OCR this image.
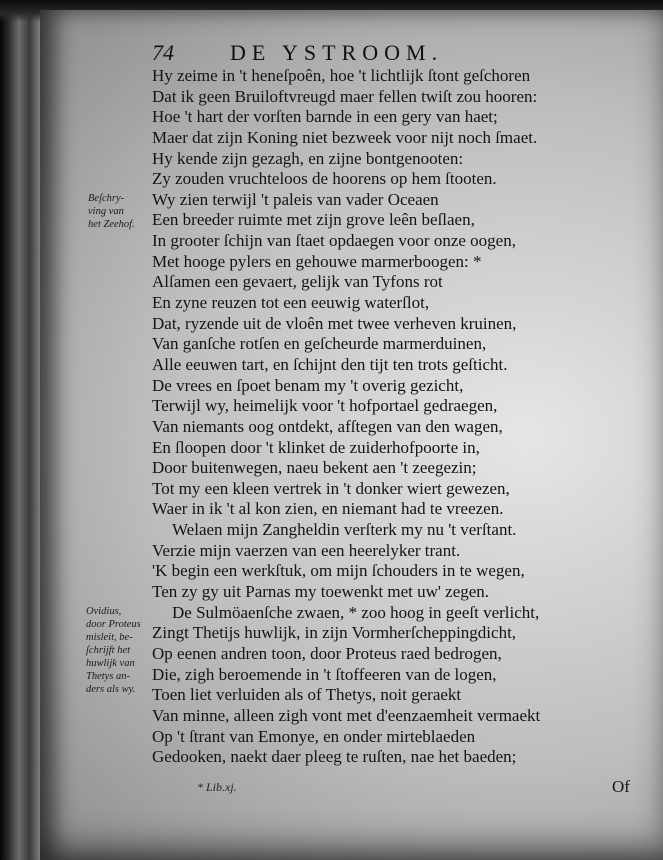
74	DE YSTROOM.
Beſchry-
ving van
het Zeehof.
Ovidius,
door Proteus
misleit, be-
ſchrijft het
huwlijk van
Thetys an-
ders als wy.
Hy zeime in 't heneſpoên, hoe 't lichtlijk ſtont geſchoren
Dat ik geen Bruiloftvreugd maer fellen twiſt zou hooren:
Hoe 't hart der vorſten barnde in een gery van haet;
Maer dat zijn Koning niet bezweek voor nijt noch ſmaet.
Hy kende zijn gezagh, en zijne bontgenooten:
Zy zouden vruchteloos de hoorens op hem ſtooten.
Wy zien terwijl 't paleis van vader Oceaen
Een breeder ruimte met zijn grove leên beſlaen,
In grooter ſchijn van ſtaet opdaegen voor onze oogen,
Met hooge pylers en gehouwe marmerboogen: *
Alſamen een gevaert, gelijk van Tyfons rot
En zyne reuzen tot een eeuwig waterſlot,
Dat, ryzende uit de vloên met twee verheven kruinen,
Van ganſche rotſen en geſcheurde marmerduinen,
Alle eeuwen tart, en ſchijnt den tijt ten trots geſticht.
De vrees en ſpoet benam my 't overig gezicht,
Terwijl wy, heimelijk voor 't hofportael gedraegen,
Van niemants oog ontdekt, afſtegen van den wagen,
En ſloopen door 't klinket de zuiderhofpoorte in,
Door buitenwegen, naeu bekent aen 't zeegezin;
Tot my een kleen vertrek in 't donker wiert gewezen,
Waer in ik 't al kon zien, en niemant had te vreezen.
Welaen mijn Zangheldin verſterk my nu 't verſtant.
Verzie mijn vaerzen van een heerelyker trant.
'K begin een werkſtuk, om mijn ſchouders in te wegen,
Ten zy gy uit Parnas my toewenkt met uw' zegen.
De Sulmöaenſche zwaen, * zoo hoog in geeſt verlicht,
Zingt Thetijs huwlijk, in zijn Vormherſcheppingdicht,
Op eenen andren toon, door Proteus raed bedrogen,
Die, zigh beroemende in 't ſtoffeeren van de logen,
Toen liet verluiden als of Thetys, noit geraekt
Van minne, alleen zigh vont met d'eenzaemheit vermaekt
Op 't ſtrant van Emonye, en onder mirteblaeden
Gedooken, naekt daer pleeg te ruſten, nae het baeden;
* Lib.xj.	Of
